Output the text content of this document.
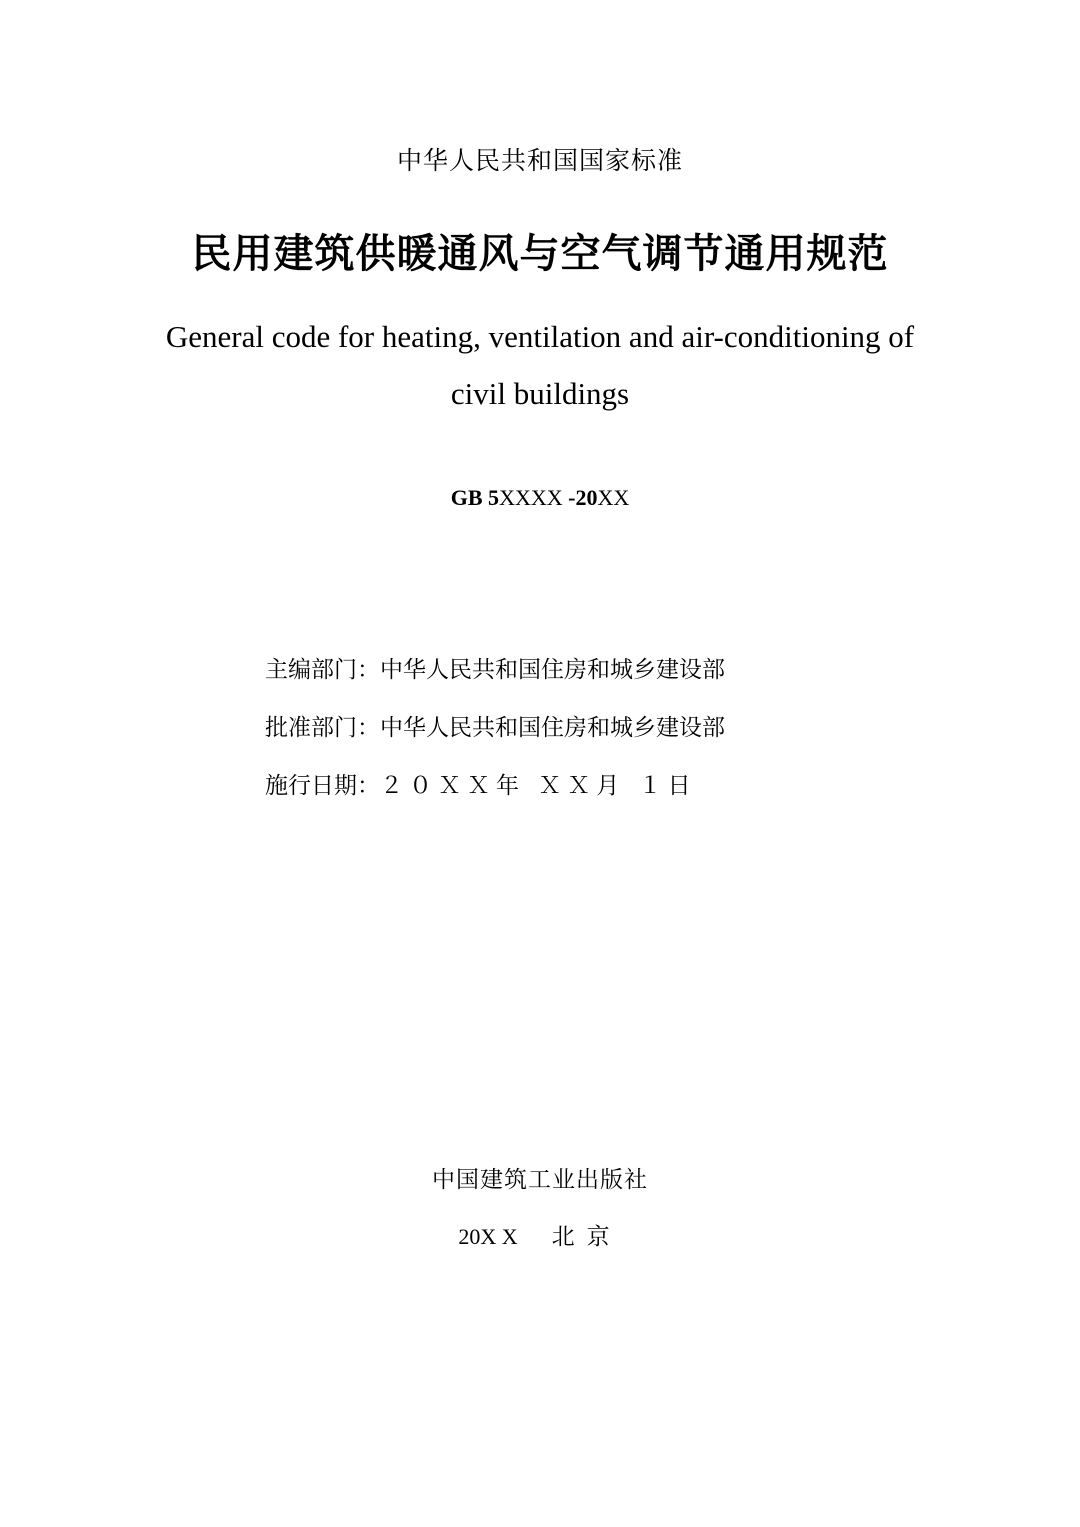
中华人民共和国国家标准
民用建筑供暖通风与空气调节通用规范
General code for heating, ventilation and air-conditioning of
civil buildings
GB 5XXXX -20XX
主编部门：中华人民共和国住房和城乡建设部
批准部门：中华人民共和国住房和城乡建设部
施行日期：２０ＸＸ年 ＸＸ月 １日
中国建筑工业出版社
20X X 北京
